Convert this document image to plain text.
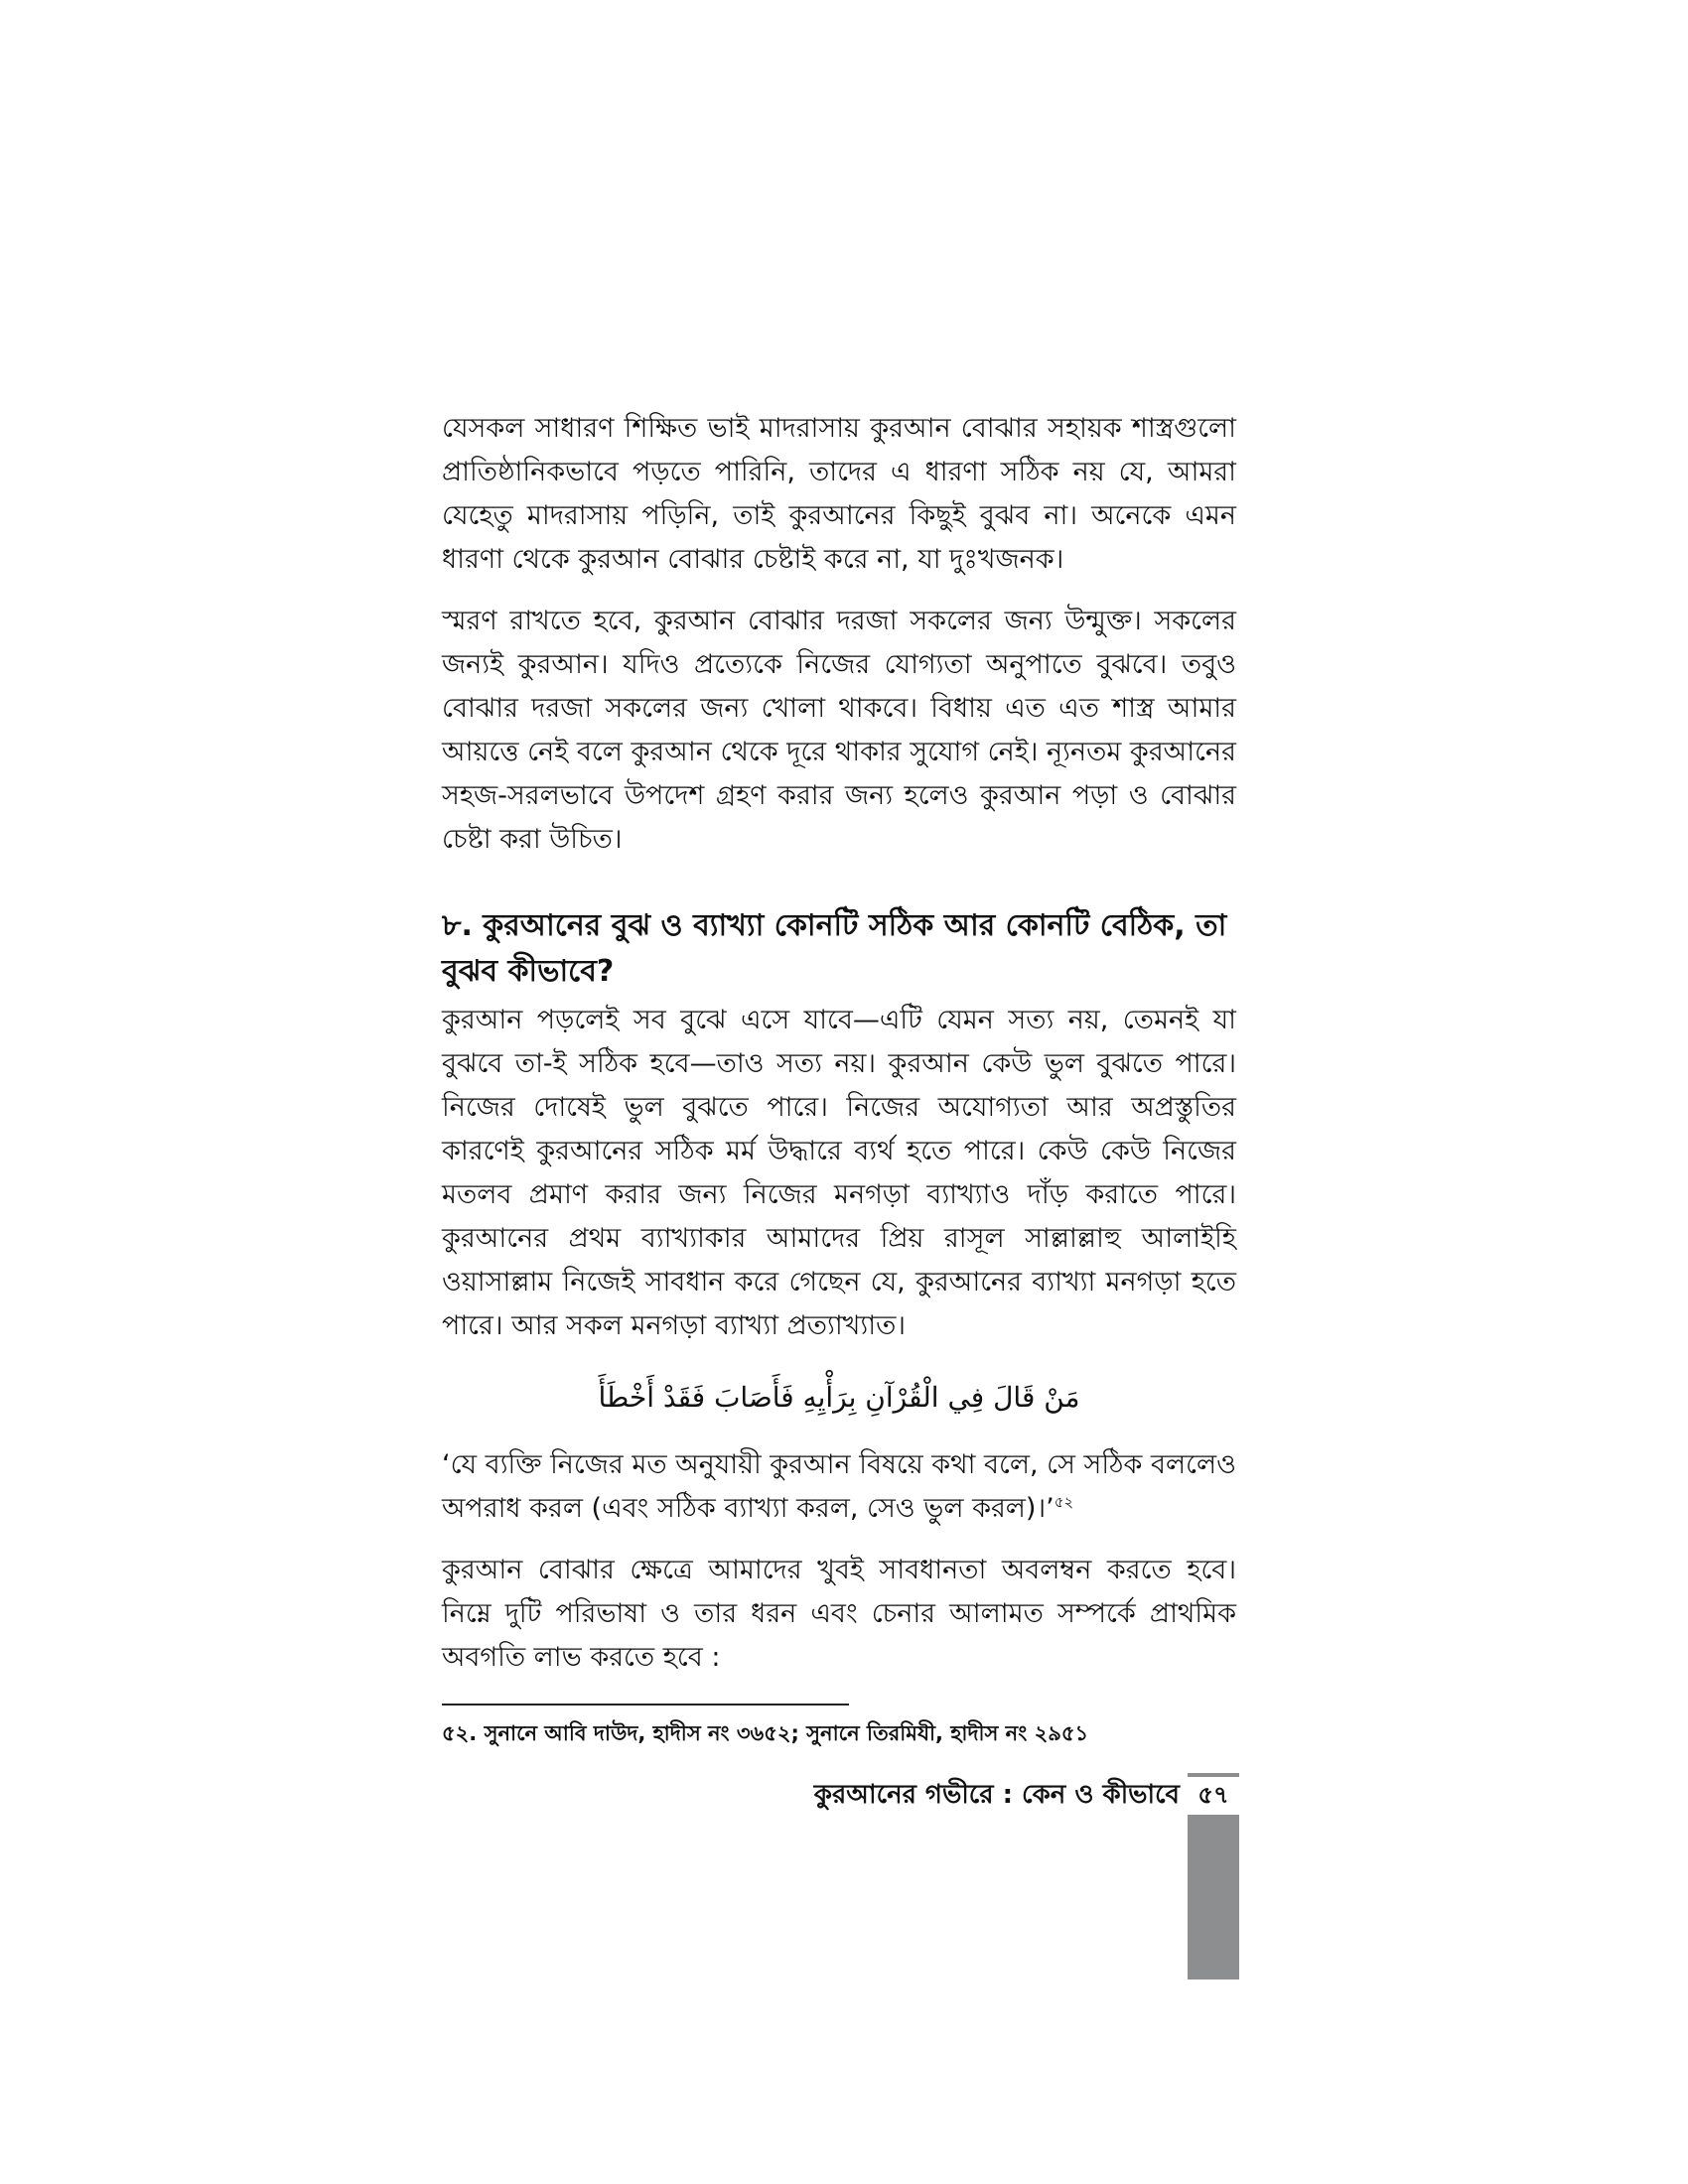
যেসকল সাধারণ শিক্ষিত ভাই মাদরাসায় কুরআন বোঝার সহায়ক শাস্ত্রগুলো প্রাতিষ্ঠানিকভাবে পড়তে পারিনি, তাদের এ ধারণা সঠিক নয় যে, আমরা যেহেতু মাদরাসায় পড়িনি, তাই কুরআনের কিছুই বুঝব না। অনেকে এমন ধারণা থেকে কুরআন বোঝার চেষ্টাই করে না, যা দুঃখজনক।

স্মরণ রাখতে হবে, কুরআন বোঝার দরজা সকলের জন্য উন্মুক্ত। সকলের জন্যই কুরআন। যদিও প্রত্যেকে নিজের যোগ্যতা অনুপাতে বুঝবে। তবুও বোঝার দরজা সকলের জন্য খোলা থাকবে। বিধায় এত এত শাস্ত্র আমার আয়ত্তে নেই বলে কুরআন থেকে দূরে থাকার সুযোগ নেই। ন্যূনতম কুরআনের সহজ-সরলভাবে উপদেশ গ্রহণ করার জন্য হলেও কুরআন পড়া ও বোঝার চেষ্টা করা উচিত।

৮. কুরআনের বুঝ ও ব্যাখ্যা কোনটি সঠিক আর কোনটি বেঠিক, তা বুঝব কীভাবে?

কুরআন পড়লেই সব বুঝে এসে যাবে—এটি যেমন সত্য নয়, তেমনই যা বুঝবে তা-ই সঠিক হবে—তাও সত্য নয়। কুরআন কেউ ভুল বুঝতে পারে। নিজের দোষেই ভুল বুঝতে পারে। নিজের অযোগ্যতা আর অপ্রস্তুতির কারণেই কুরআনের সঠিক মর্ম উদ্ধারে ব্যর্থ হতে পারে। কেউ কেউ নিজের মতলব প্রমাণ করার জন্য নিজের মনগড়া ব্যাখ্যাও দাঁড় করাতে পারে। কুরআনের প্রথম ব্যাখ্যাকার আমাদের প্রিয় রাসূল সাল্লাল্লাহু আলাইহি ওয়াসাল্লাম নিজেই সাবধান করে গেছেন যে, কুরআনের ব্যাখ্যা মনগড়া হতে পারে। আর সকল মনগড়া ব্যাখ্যা প্রত্যাখ্যাত।

مَنْ قَالَ فِي الْقُرْآنِ بِرَأْيِهِ فَأَصَابَ فَقَدْ أَخْطَأَ

‘যে ব্যক্তি নিজের মত অনুযায়ী কুরআন বিষয়ে কথা বলে, সে সঠিক বললেও অপরাধ করল (এবং সঠিক ব্যাখ্যা করল, সেও ভুল করল)।’$^{৫২}$

কুরআন বোঝার ক্ষেত্রে আমাদের খুবই সাবধানতা অবলম্বন করতে হবে। নিম্নে দুটি পরিভাষা ও তার ধরন এবং চেনার আলামত সম্পর্কে প্রাথমিক অবগতি লাভ করতে হবে :

৫২. সুনানে আবি দাউদ, হাদীস নং ৩৬৫২; সুনানে তিরমিযী, হাদীস নং ২৯৫১
কুরআনের গভীরে : কেন ও কীভাবে ৫৭
